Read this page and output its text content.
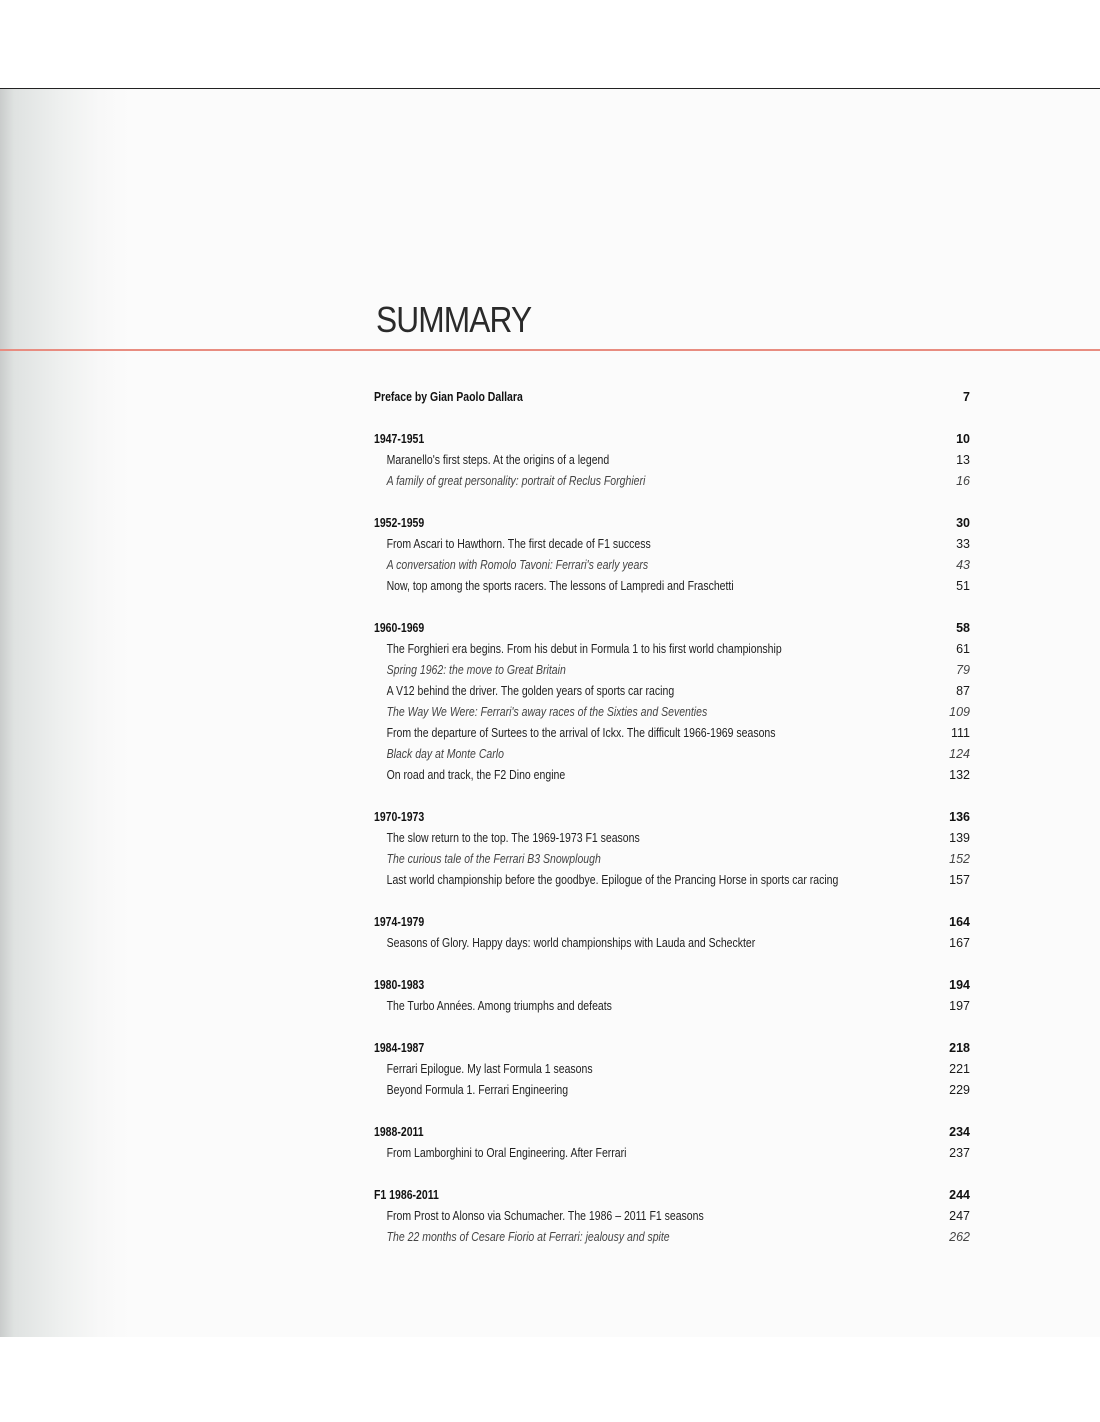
SUMMARY
Preface by Gian Paolo Dallara	7
1947-1951	10
Maranello's first steps. At the origins of a legend	13
A family of great personality: portrait of Reclus Forghieri	16
1952-1959	30
From Ascari to Hawthorn. The first decade of F1 success	33
A conversation with Romolo Tavoni: Ferrari's early years	43
Now, top among the sports racers. The lessons of Lampredi and Fraschetti	51
1960-1969	58
The Forghieri era begins. From his debut in Formula 1 to his first world championship	61
Spring 1962: the move to Great Britain	79
A V12 behind the driver. The golden years of sports car racing	87
The Way We Were: Ferrari's away races of the Sixties and Seventies	109
From the departure of Surtees to the arrival of Ickx. The difficult 1966-1969 seasons	111
Black day at Monte Carlo	124
On road and track, the F2 Dino engine	132
1970-1973	136
The slow return to the top. The 1969-1973 F1 seasons	139
The curious tale of the Ferrari B3 Snowplough	152
Last world championship before the goodbye. Epilogue of the Prancing Horse in sports car racing	157
1974-1979	164
Seasons of Glory. Happy days: world championships with Lauda and Scheckter	167
1980-1983	194
The Turbo Années. Among triumphs and defeats	197
1984-1987	218
Ferrari Epilogue. My last Formula 1 seasons	221
Beyond Formula 1. Ferrari Engineering	229
1988-2011	234
From Lamborghini to Oral Engineering. After Ferrari	237
F1 1986-2011	244
From Prost to Alonso via Schumacher. The 1986 – 2011 F1 seasons	247
The 22 months of Cesare Fiorio at Ferrari: jealousy and spite	262
